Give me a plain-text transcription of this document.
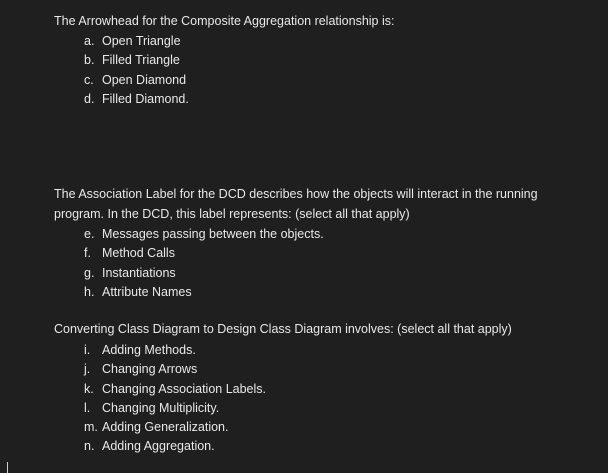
The Arrowhead for the Composite Aggregation relationship is:
a. Open Triangle
b. Filled Triangle
c. Open Diamond
d. Filled Diamond.
The Association Label for the DCD describes how the objects will interact in the running program. In the DCD, this label represents: (select all that apply)
e. Messages passing between the objects.
f. Method Calls
g. Instantiations
h. Attribute Names
Converting Class Diagram to Design Class Diagram involves: (select all that apply)
i. Adding Methods.
j. Changing Arrows
k. Changing Association Labels.
l. Changing Multiplicity.
m. Adding Generalization.
n. Adding Aggregation.
